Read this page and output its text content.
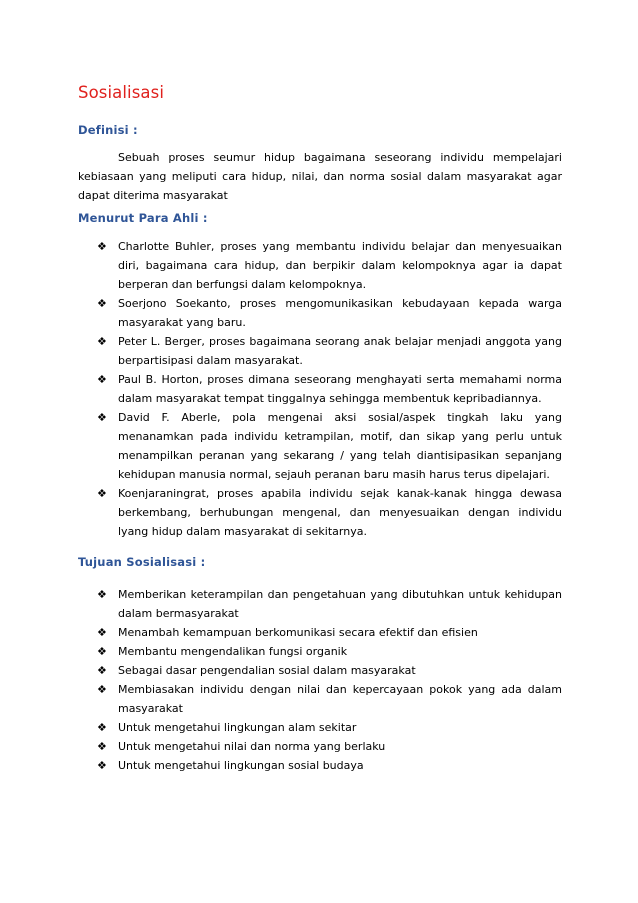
Sosialisasi
Definisi :
Sebuah proses seumur hidup bagaimana seseorang individu mempelajari kebiasaan yang meliputi cara hidup, nilai, dan norma sosial dalam masyarakat agar dapat diterima masyarakat
Menurut Para Ahli :
❖ Charlotte Buhler, proses yang membantu individu belajar dan menyesuaikan diri, bagaimana cara hidup, dan berpikir dalam kelompoknya agar ia dapat berperan dan berfungsi dalam kelompoknya.
❖ Soerjono Soekanto, proses mengomunikasikan kebudayaan kepada warga masyarakat yang baru.
❖ Peter L. Berger, proses bagaimana seorang anak belajar menjadi anggota yang berpartisipasi dalam masyarakat.
❖ Paul B. Horton, proses dimana seseorang menghayati serta memahami norma dalam masyarakat tempat tinggalnya sehingga membentuk kepribadiannya.
❖ David F. Aberle, pola mengenai aksi sosial/aspek tingkah laku yang menanamkan pada individu ketrampilan, motif, dan sikap yang perlu untuk menampilkan peranan yang sekarang / yang telah diantisipasikan sepanjang kehidupan manusia normal, sejauh peranan baru masih harus terus dipelajari.
❖ Koenjaraningrat, proses apabila individu sejak kanak-kanak hingga dewasa berkembang, berhubungan mengenal, dan menyesuaikan dengan individu lyang hidup dalam masyarakat di sekitarnya.
Tujuan Sosialisasi :
❖ Memberikan keterampilan dan pengetahuan yang dibutuhkan untuk kehidupan dalam bermasyarakat
❖ Menambah kemampuan berkomunikasi secara efektif dan efisien
❖ Membantu mengendalikan fungsi organik
❖ Sebagai dasar pengendalian sosial dalam masyarakat
❖ Membiasakan individu dengan nilai dan kepercayaan pokok yang ada dalam masyarakat
❖ Untuk mengetahui lingkungan alam sekitar
❖ Untuk mengetahui nilai dan norma yang berlaku
❖ Untuk mengetahui lingkungan sosial budaya
